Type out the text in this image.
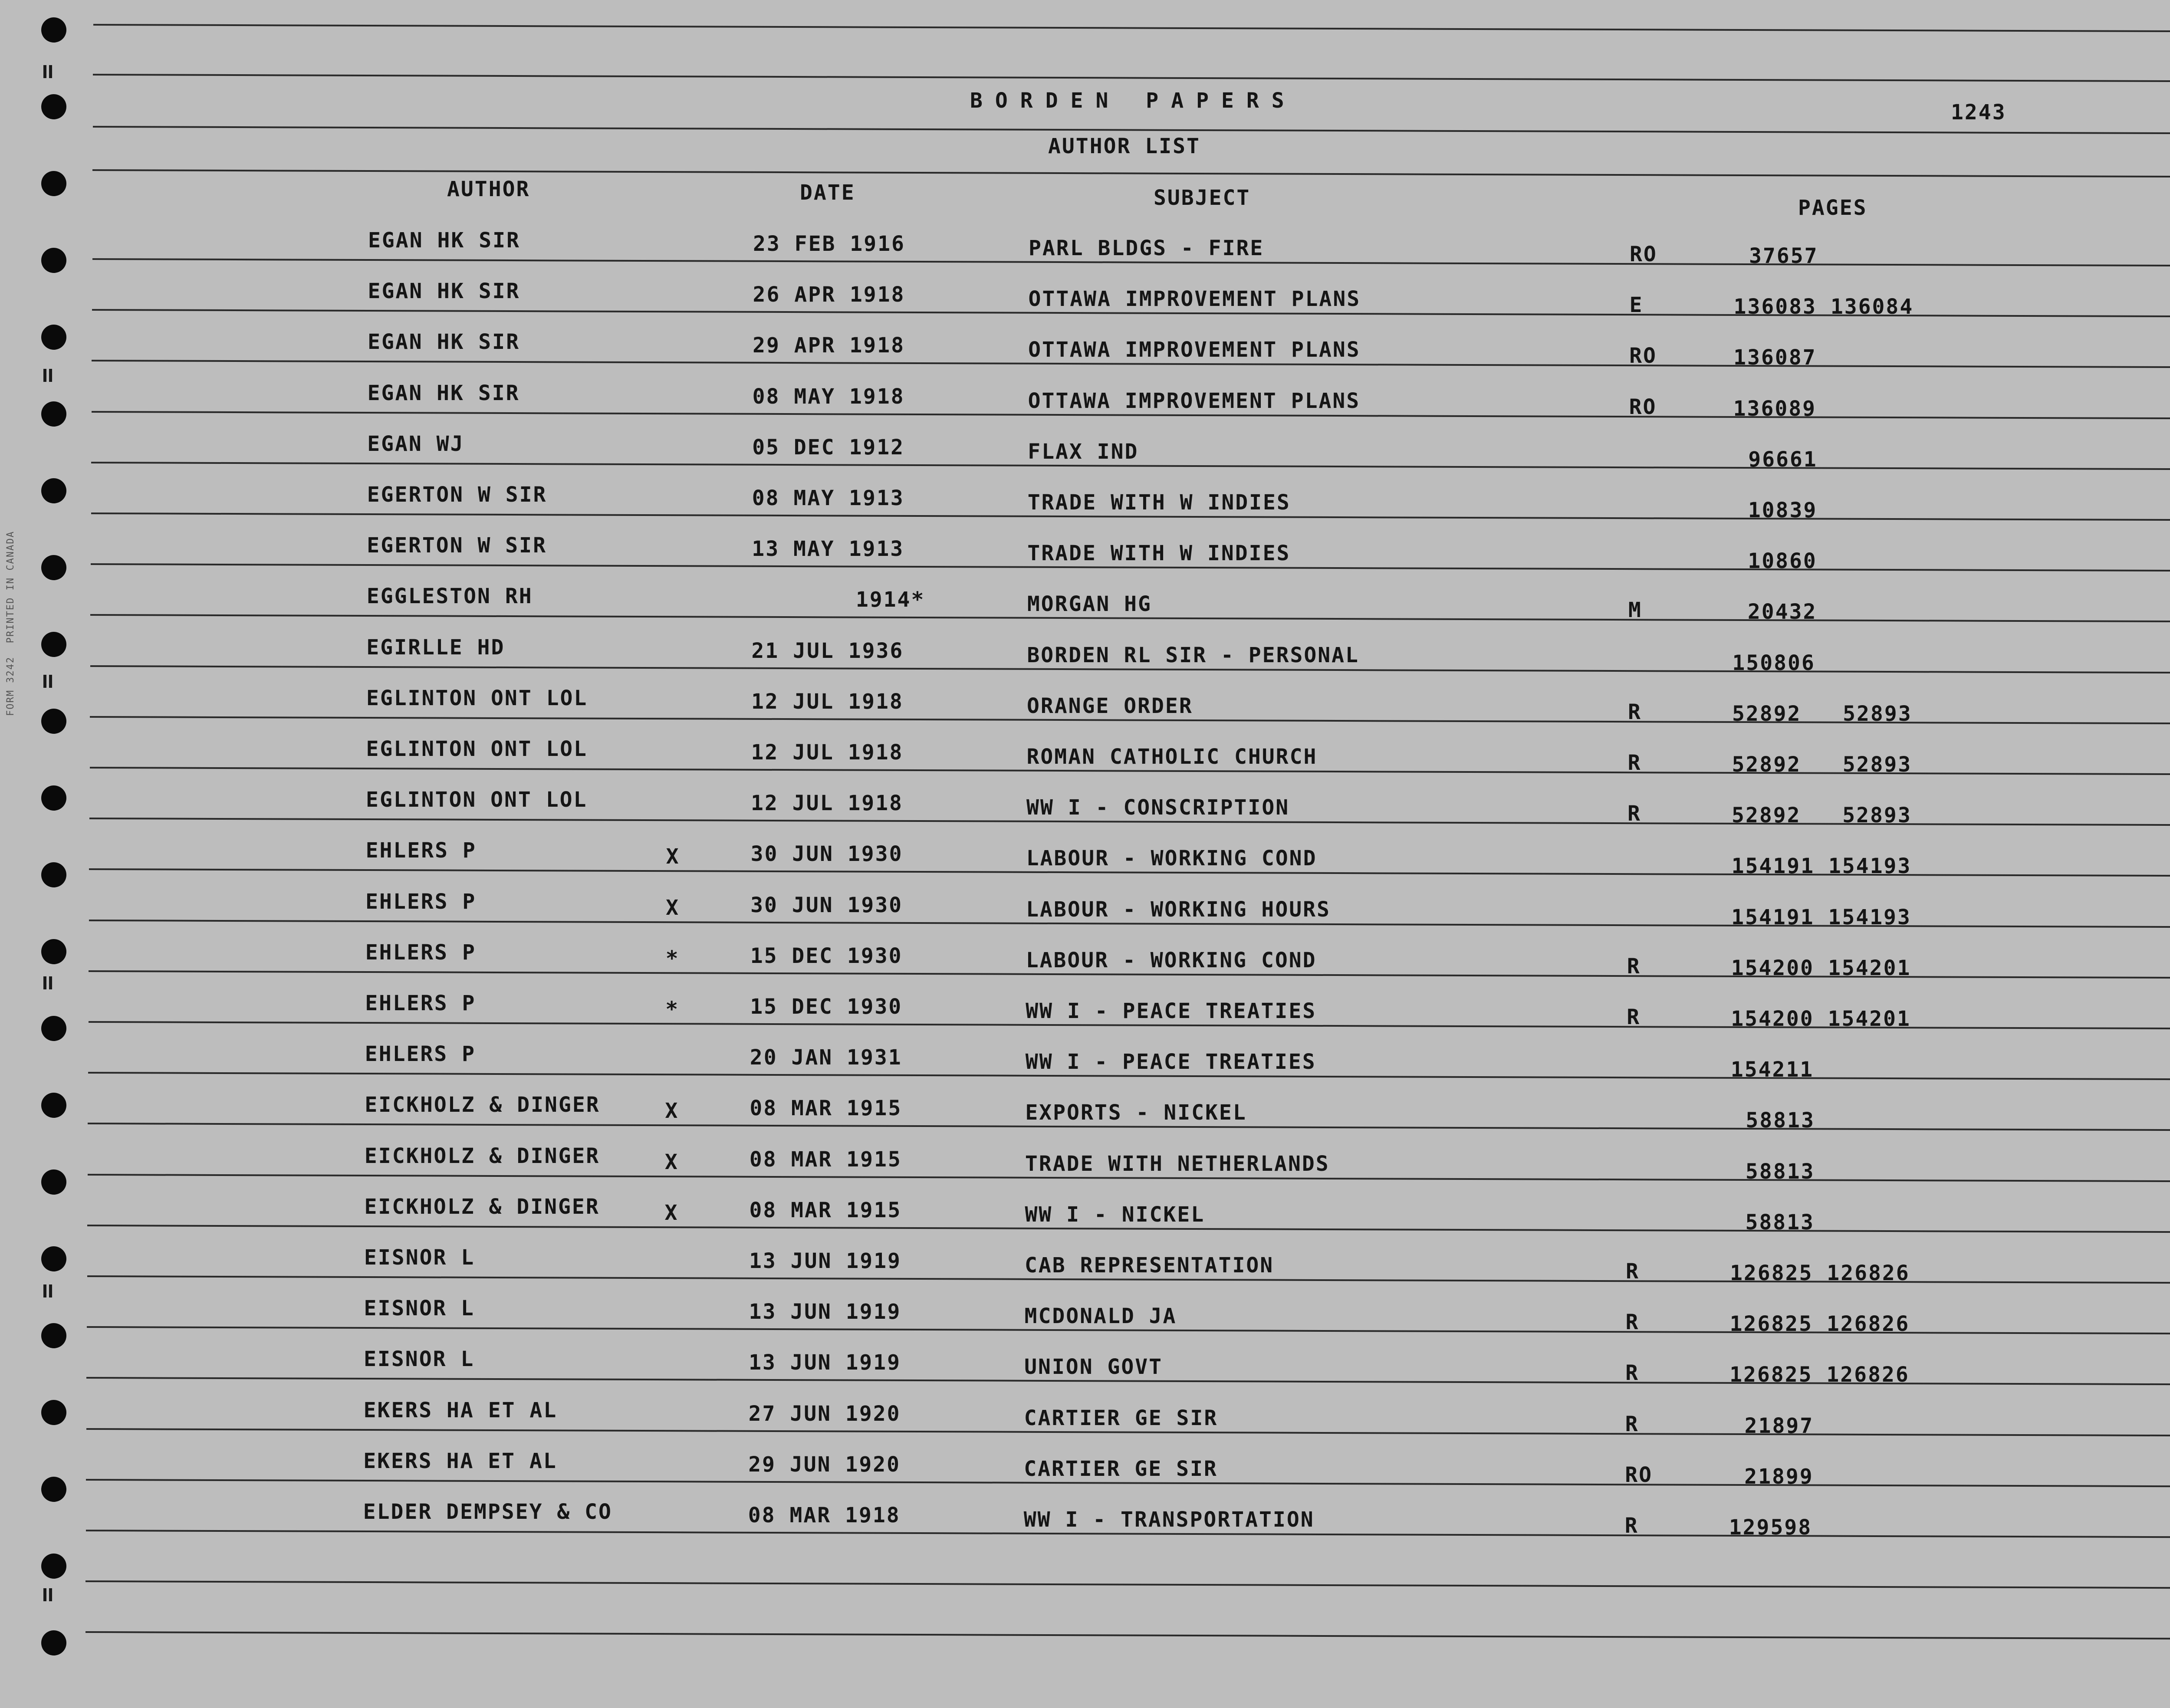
BORDEN PAPERS	1243
AUTHOR LIST
AUTHOR	DATE	SUBJECT	PAGES
EGAN HK SIR	23 FEB 1916	PARL BLDGS - FIRE	RO	37657
EGAN HK SIR	26 APR 1918	OTTAWA IMPROVEMENT PLANS	E	136083 136084
EGAN HK SIR	29 APR 1918	OTTAWA IMPROVEMENT PLANS	RO	136087
EGAN HK SIR	08 MAY 1918	OTTAWA IMPROVEMENT PLANS	RO	136089
EGAN WJ	05 DEC 1912	FLAX IND	96661
EGERTON W SIR	08 MAY 1913	TRADE WITH W INDIES	10839
EGERTON W SIR	13 MAY 1913	TRADE WITH W INDIES	10860
EGGLESTON RH	1914*	MORGAN HG	M	20432
EGIRLLE HD	21 JUL 1936	BORDEN RL SIR - PERSONAL	150806
EGLINTON ONT LOL	12 JUL 1918	ORANGE ORDER	R	52892   52893
EGLINTON ONT LOL	12 JUL 1918	ROMAN CATHOLIC CHURCH	R	52892   52893
EGLINTON ONT LOL	12 JUL 1918	WW I - CONSCRIPTION	R	52892   52893
EHLERS P	X	30 JUN 1930	LABOUR - WORKING COND	154191 154193
EHLERS P	X	30 JUN 1930	LABOUR - WORKING HOURS	154191 154193
EHLERS P	*	15 DEC 1930	LABOUR - WORKING COND	R	154200 154201
EHLERS P	*	15 DEC 1930	WW I - PEACE TREATIES	R	154200 154201
EHLERS P	20 JAN 1931	WW I - PEACE TREATIES	154211
EICKHOLZ & DINGER	X	08 MAR 1915	EXPORTS - NICKEL	58813
EICKHOLZ & DINGER	X	08 MAR 1915	TRADE WITH NETHERLANDS	58813
EICKHOLZ & DINGER	X	08 MAR 1915	WW I - NICKEL	58813
EISNOR L	13 JUN 1919	CAB REPRESENTATION	R	126825 126826
EISNOR L	13 JUN 1919	MCDONALD JA	R	126825 126826
EISNOR L	13 JUN 1919	UNION GOVT	R	126825 126826
EKERS HA ET AL	27 JUN 1920	CARTIER GE SIR	R	21897
EKERS HA ET AL	29 JUN 1920	CARTIER GE SIR	RO	21899
ELDER DEMPSEY & CO	08 MAR 1918	WW I - TRANSPORTATION	R	129598
FORM 3242  PRINTED IN CANADA
